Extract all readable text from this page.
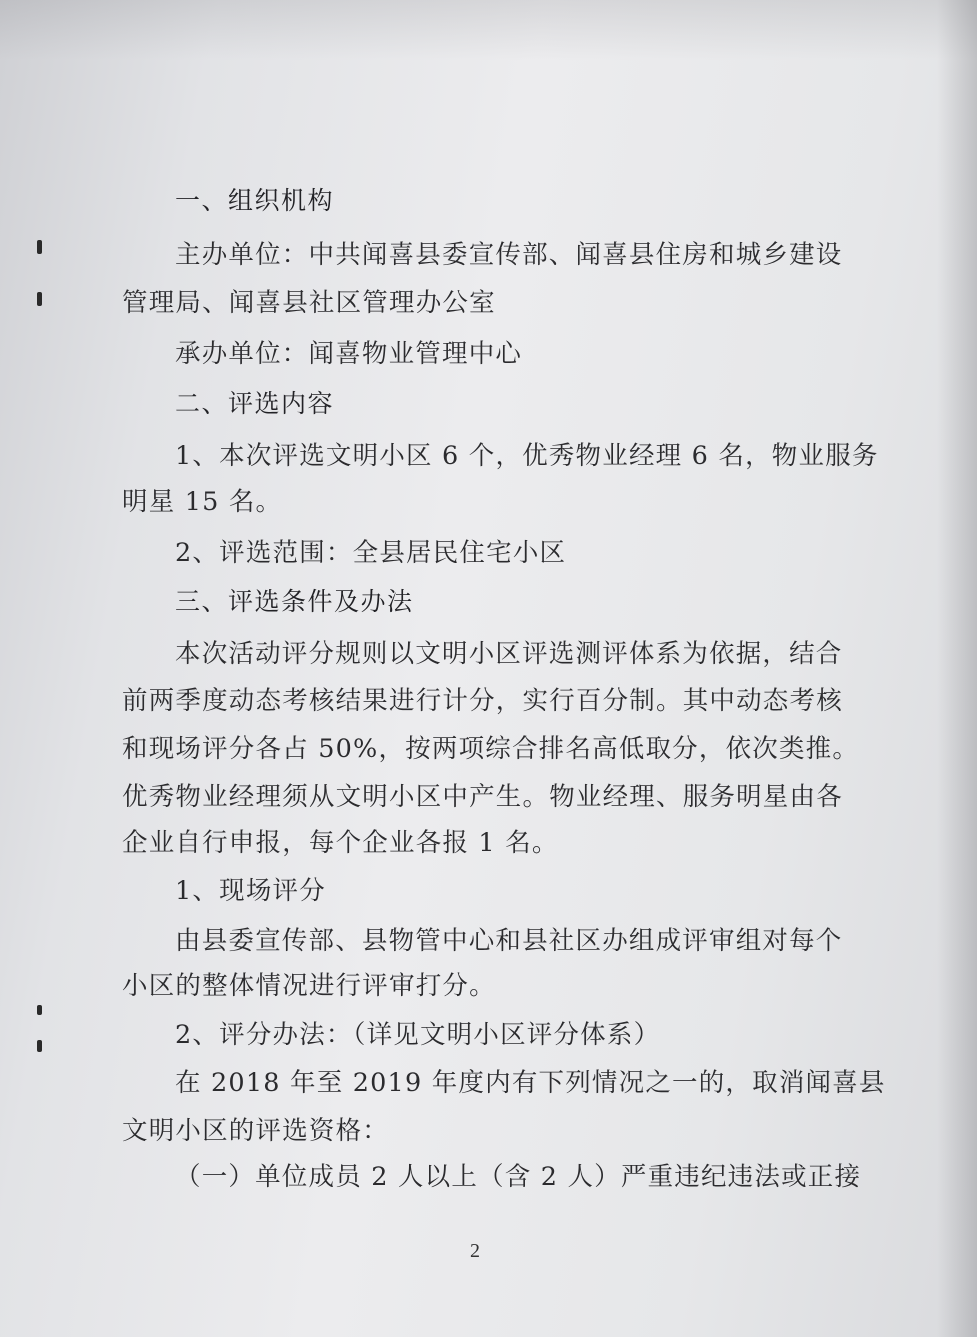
一、组织机构
主办单位：中共闻喜县委宣传部、闻喜县住房和城乡建设
管理局、闻喜县社区管理办公室
承办单位：闻喜物业管理中心
二、评选内容
1、本次评选文明小区 6 个，优秀物业经理 6 名，物业服务
明星 15 名。
2、评选范围：全县居民住宅小区
三、评选条件及办法
本次活动评分规则以文明小区评选测评体系为依据，结合
前两季度动态考核结果进行计分，实行百分制。其中动态考核
和现场评分各占 50%，按两项综合排名高低取分，依次类推。
优秀物业经理须从文明小区中产生。物业经理、服务明星由各
企业自行申报，每个企业各报 1 名。
1、现场评分
由县委宣传部、县物管中心和县社区办组成评审组对每个
小区的整体情况进行评审打分。
2、评分办法：（详见文明小区评分体系）
在 2018 年至 2019 年度内有下列情况之一的，取消闻喜县
文明小区的评选资格：
（一）单位成员 2 人以上（含 2 人）严重违纪违法或正接
2
